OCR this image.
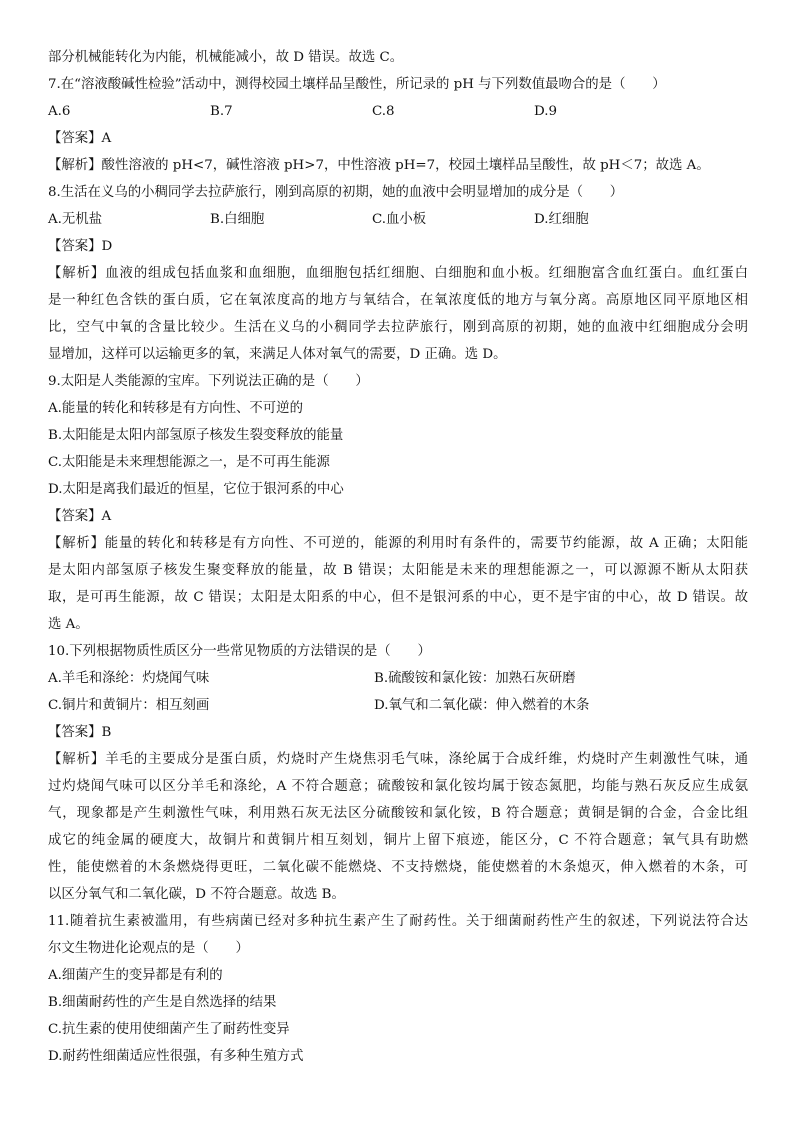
部分机械能转化为内能，机械能减小，故 D 错误。故选 C。
7.在“溶液酸碱性检验”活动中，测得校园土壤样品呈酸性，所记录的 pH 与下列数值最吻合的是（　　）
A.6	B.7	C.8	D.9
【答案】A
【解析】酸性溶液的 pH<7，碱性溶液 pH>7，中性溶液 pH=7，校园土壤样品呈酸性，故 pH＜7；故选 A。
8.生活在义乌的小稠同学去拉萨旅行，刚到高原的初期，她的血液中会明显增加的成分是（　　）
A.无机盐	B.白细胞	C.血小板	D.红细胞
【答案】D
【解析】血液的组成包括血浆和血细胞，血细胞包括红细胞、白细胞和血小板。红细胞富含血红蛋白。血红蛋白
是一种红色含铁的蛋白质，它在氧浓度高的地方与氧结合，在氧浓度低的地方与氧分离。高原地区同平原地区相
比，空气中氧的含量比较少。生活在义乌的小稠同学去拉萨旅行，刚到高原的初期，她的血液中红细胞成分会明
显增加，这样可以运输更多的氧，来满足人体对氧气的需要，D 正确。选 D。
9.太阳是人类能源的宝库。下列说法正确的是（　　）
A.能量的转化和转移是有方向性、不可逆的
B.太阳能是太阳内部氢原子核发生裂变释放的能量
C.太阳能是未来理想能源之一，是不可再生能源
D.太阳是离我们最近的恒星，它位于银河系的中心
【答案】A
【解析】能量的转化和转移是有方向性、不可逆的，能源的利用时有条件的，需要节约能源，故 A 正确；太阳能
是太阳内部氢原子核发生聚变释放的能量，故 B 错误；太阳能是未来的理想能源之一，可以源源不断从太阳获
取，是可再生能源，故 C 错误；太阳是太阳系的中心，但不是银河系的中心，更不是宇宙的中心，故 D 错误。故
选 A。
10.下列根据物质性质区分一些常见物质的方法错误的是（　　）
A.羊毛和涤纶：灼烧闻气味	B.硫酸铵和氯化铵：加熟石灰研磨
C.铜片和黄铜片：相互刻画	D.氧气和二氧化碳：伸入燃着的木条
【答案】B
【解析】羊毛的主要成分是蛋白质，灼烧时产生烧焦羽毛气味，涤纶属于合成纤维，灼烧时产生刺激性气味，通
过灼烧闻气味可以区分羊毛和涤纶，A 不符合题意；硫酸铵和氯化铵均属于铵态氮肥，均能与熟石灰反应生成氨
气，现象都是产生刺激性气味，利用熟石灰无法区分硫酸铵和氯化铵，B 符合题意；黄铜是铜的合金，合金比组
成它的纯金属的硬度大，故铜片和黄铜片相互刻划，铜片上留下痕迹，能区分，C 不符合题意；氧气具有助燃
性，能使燃着的木条燃烧得更旺，二氧化碳不能燃烧、不支持燃烧，能使燃着的木条熄灭，伸入燃着的木条，可
以区分氧气和二氧化碳，D 不符合题意。故选 B。
11.随着抗生素被滥用，有些病菌已经对多种抗生素产生了耐药性。关于细菌耐药性产生的叙述，下列说法符合达
尔文生物进化论观点的是（　　）
A.细菌产生的变异都是有利的
B.细菌耐药性的产生是自然选择的结果
C.抗生素的使用使细菌产生了耐药性变异
D.耐药性细菌适应性很强，有多种生殖方式
